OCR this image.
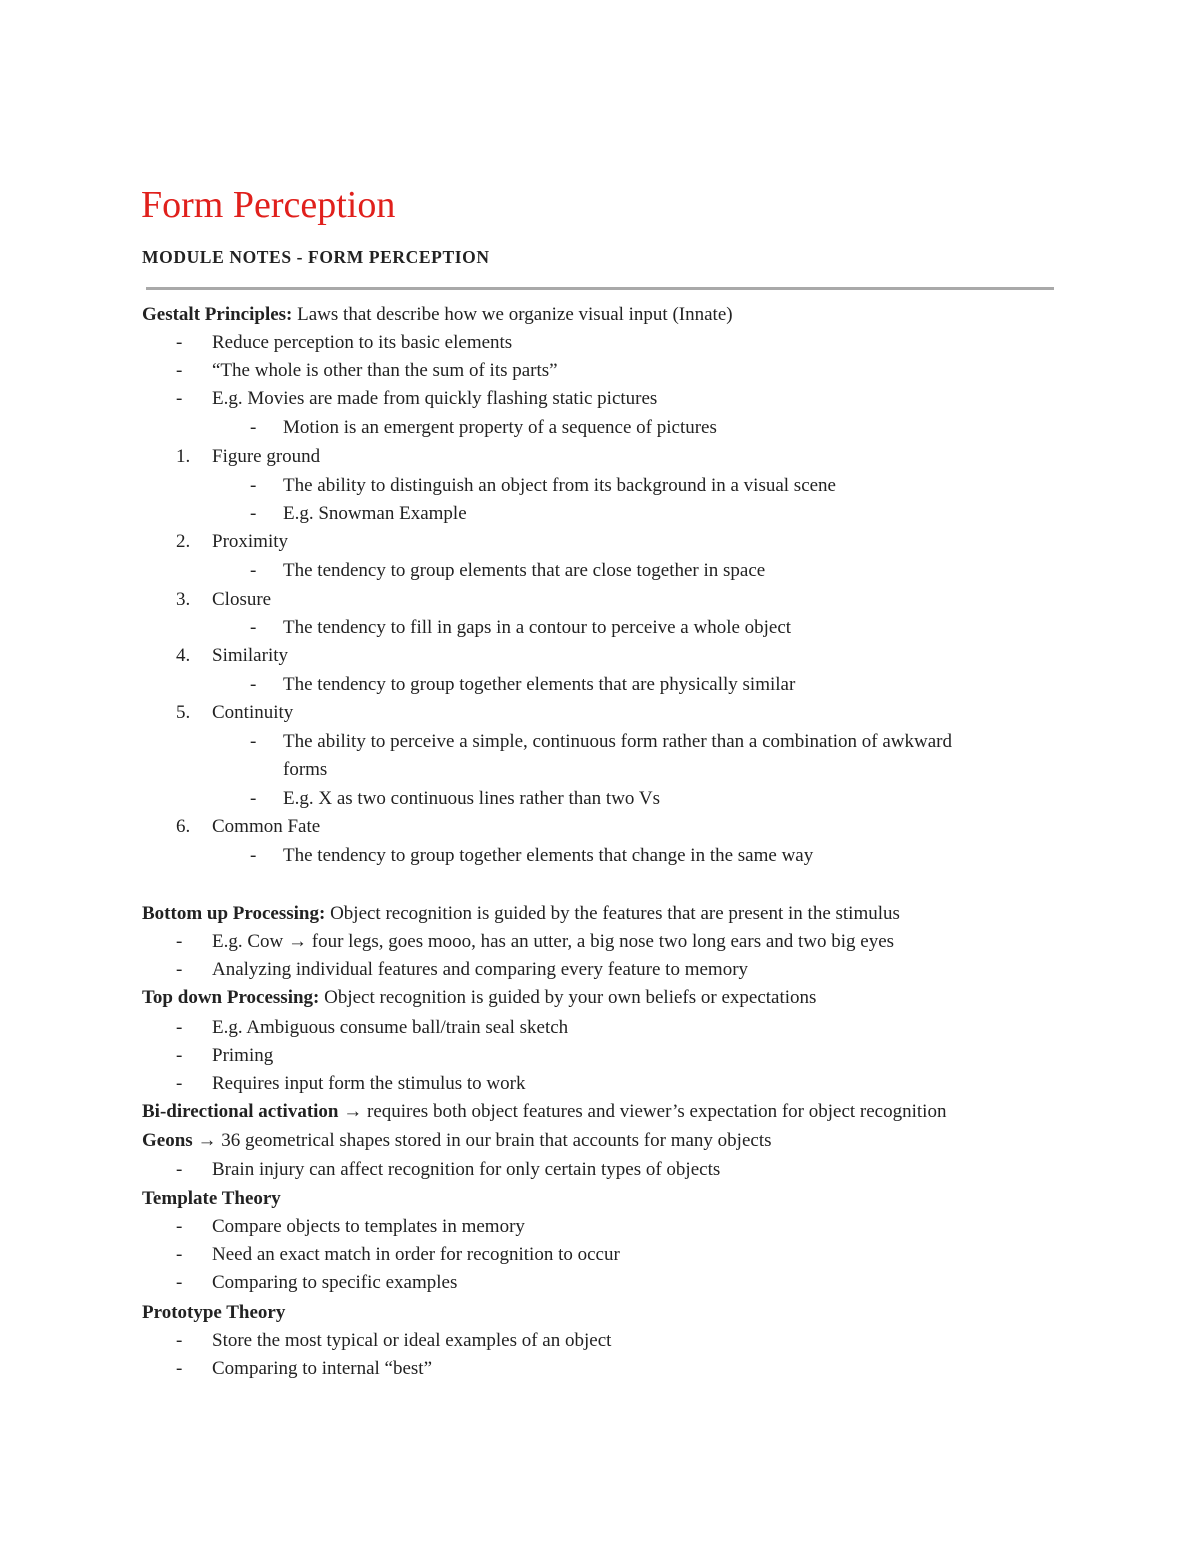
Form Perception
MODULE NOTES - FORM PERCEPTION
Gestalt Principles: Laws that describe how we organize visual input (Innate)
- Reduce perception to its basic elements
- “The whole is other than the sum of its parts”
- E.g. Movies are made from quickly flashing static pictures
- Motion is an emergent property of a sequence of pictures
1. Figure ground
- The ability to distinguish an object from its background in a visual scene
- E.g. Snowman Example
2. Proximity
- The tendency to group elements that are close together in space
3. Closure
- The tendency to fill in gaps in a contour to perceive a whole object
4. Similarity
- The tendency to group together elements that are physically similar
5. Continuity
- The ability to perceive a simple, continuous form rather than a combination of awkward
forms
- E.g. X as two continuous lines rather than two Vs
6. Common Fate
- The tendency to group together elements that change in the same way
Bottom up Processing: Object recognition is guided by the features that are present in the stimulus
- E.g. Cow → four legs, goes mooo, has an utter, a big nose two long ears and two big eyes
- Analyzing individual features and comparing every feature to memory
Top down Processing: Object recognition is guided by your own beliefs or expectations
- E.g. Ambiguous consume ball/train seal sketch
- Priming
- Requires input form the stimulus to work
Bi-directional activation → requires both object features and viewer’s expectation for object recognition
Geons → 36 geometrical shapes stored in our brain that accounts for many objects
- Brain injury can affect recognition for only certain types of objects
Template Theory
- Compare objects to templates in memory
- Need an exact match in order for recognition to occur
- Comparing to specific examples
Prototype Theory
- Store the most typical or ideal examples of an object
- Comparing to internal “best”
